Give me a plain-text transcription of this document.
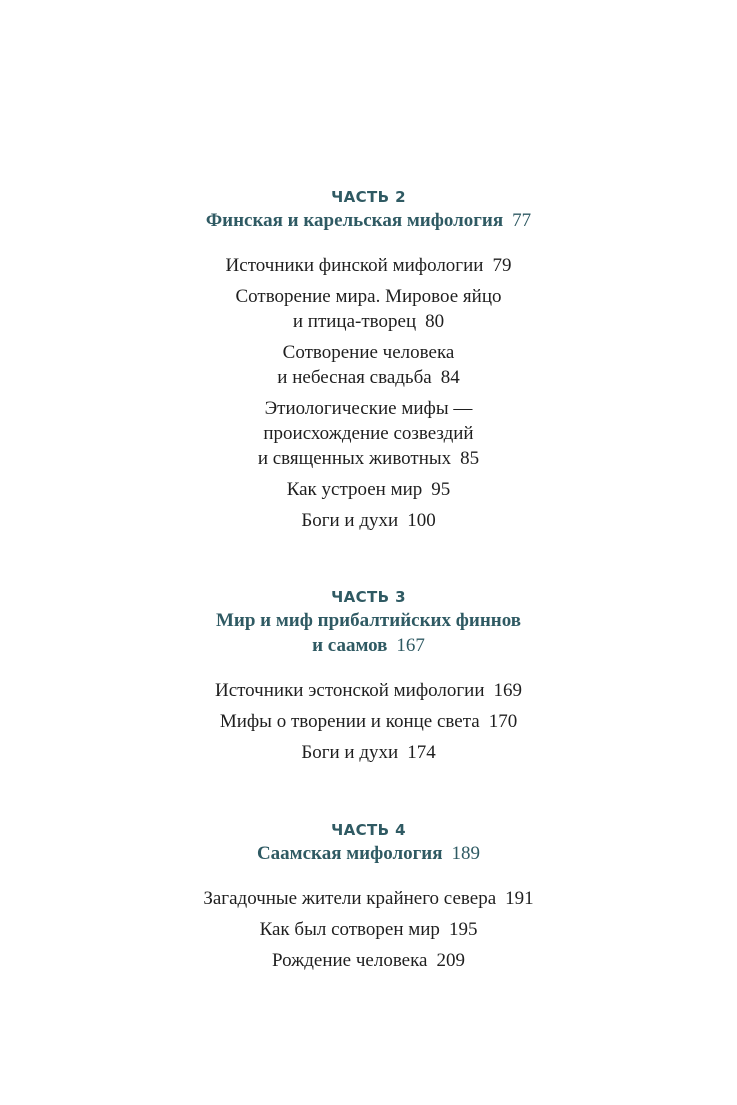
ЧАСТЬ 2
Финская и карельская мифология 77
Источники финской мифологии 79
Сотворение мира. Мировое яйцо
и птица-творец 80
Сотворение человека
и небесная свадьба 84
Этиологические мифы —
происхождение созвездий
и священных животных 85
Как устроен мир 95
Боги и духи 100
ЧАСТЬ 3
Мир и миф прибалтийских финнов
и саамов 167
Источники эстонской мифологии 169
Мифы о творении и конце света 170
Боги и духи 174
ЧАСТЬ 4
Саамская мифология 189
Загадочные жители крайнего севера 191
Как был сотворен мир 195
Рождение человека 209
